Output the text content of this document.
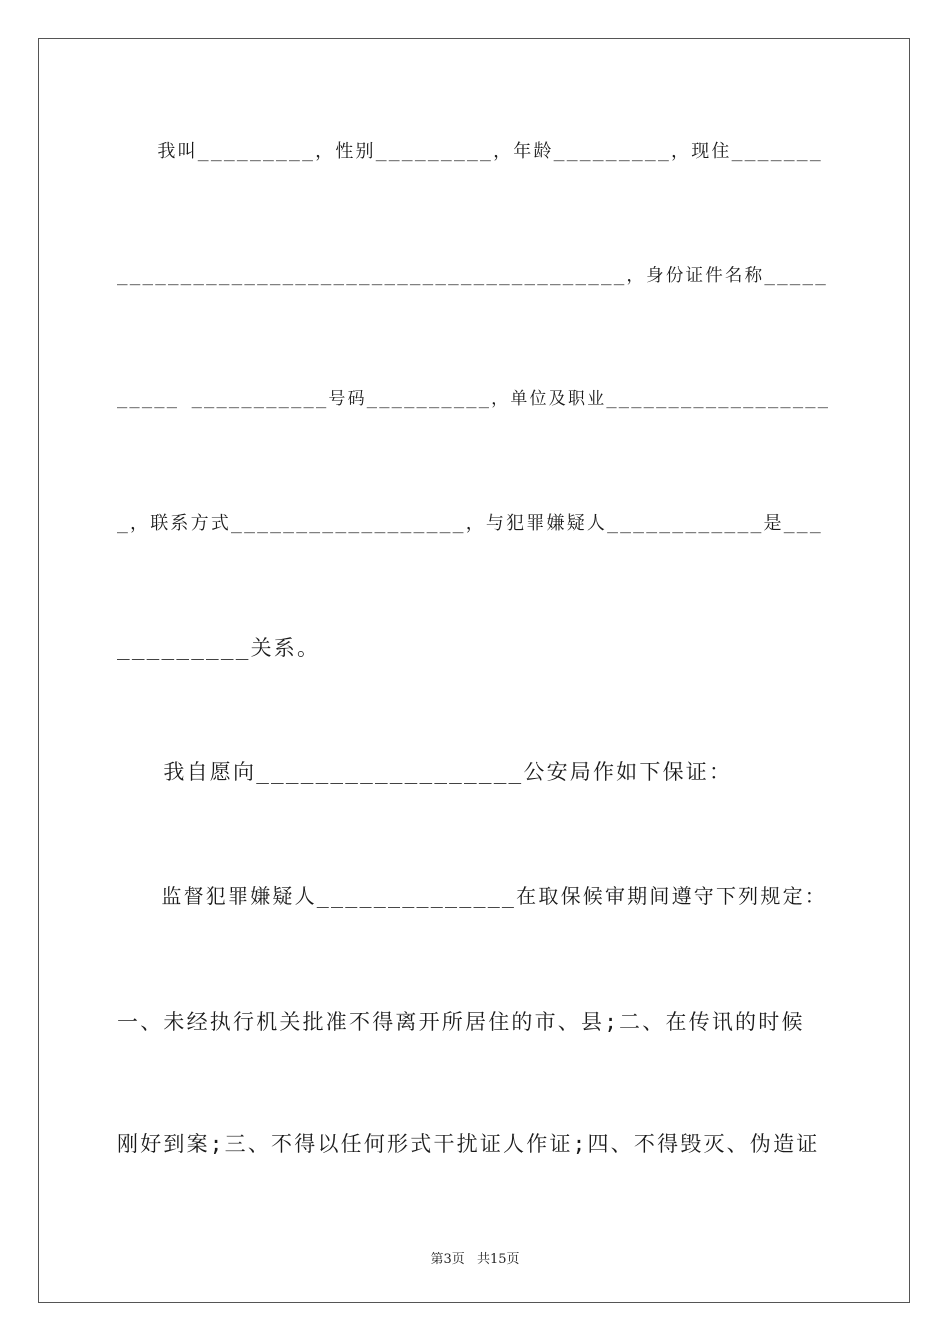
　　我叫_________，性别_________，年龄_________，现住_______
________________________________________，身份证件名称_____
_____ ___________号码__________，单位及职业__________________
_，联系方式__________________，与犯罪嫌疑人____________是___
_________关系。
　　我自愿向__________________公安局作如下保证：
　　监督犯罪嫌疑人______________在取保候审期间遵守下列规定：
一、未经执行机关批准不得离开所居住的市、县;二、在传讯的时候
刚好到案;三、不得以任何形式干扰证人作证;四、不得毁灭、伪造证
第3页 共15页
